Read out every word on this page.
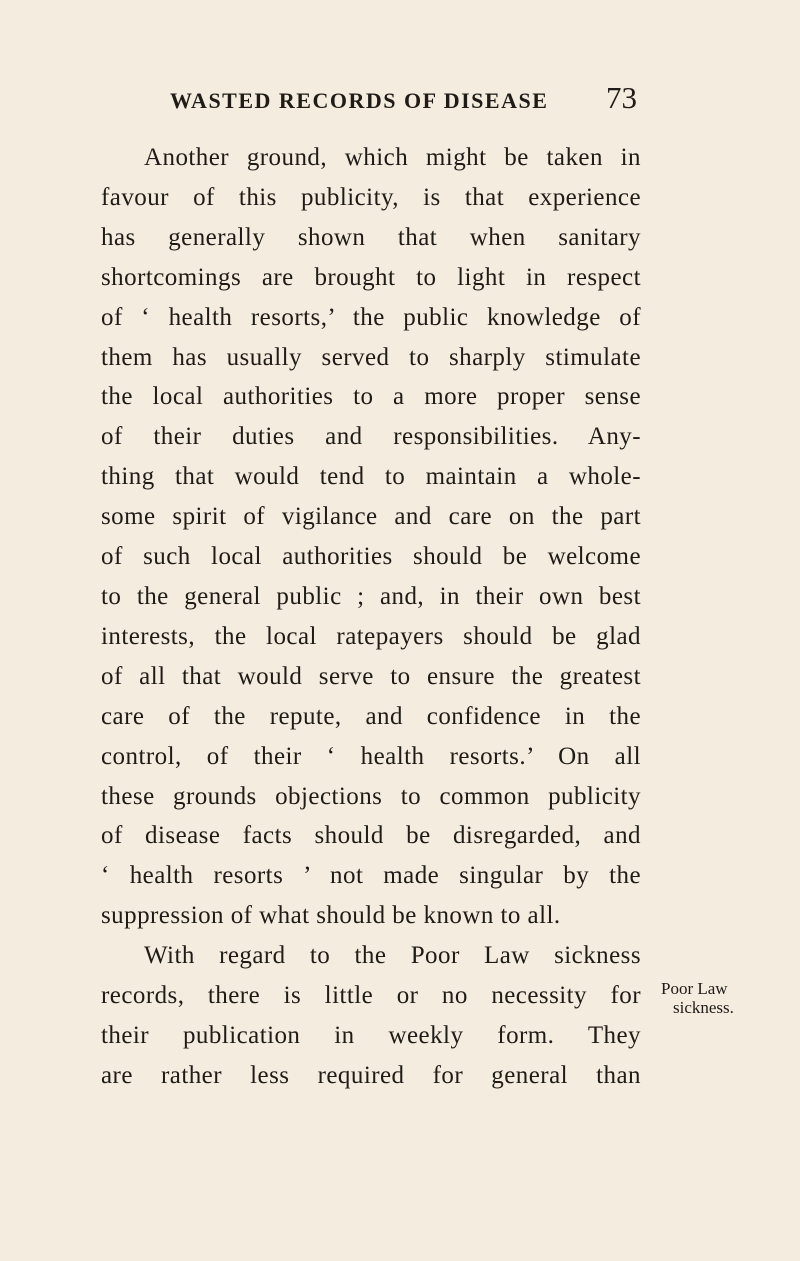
WASTED RECORDS OF DISEASE 73
Another ground, which might be taken in
favour of this publicity, is that experience
has generally shown that when sanitary
shortcomings are brought to light in respect
of ‘ health resorts,’ the public knowledge of
them has usually served to sharply stimulate
the local authorities to a more proper sense
of their duties and responsibilities. Any-
thing that would tend to maintain a whole-
some spirit of vigilance and care on the part
of such local authorities should be welcome
to the general public ; and, in their own best
interests, the local ratepayers should be glad
of all that would serve to ensure the greatest
care of the repute, and confidence in the
control, of their ‘ health resorts.’ On all
these grounds objections to common publicity
of disease facts should be disregarded, and
‘ health resorts ’ not made singular by the
suppression of what should be known to all.
With regard to the Poor Law sickness
records, there is little or no necessity for
their publication in weekly form. They
are rather less required for general than
Poor Law
sickness.
